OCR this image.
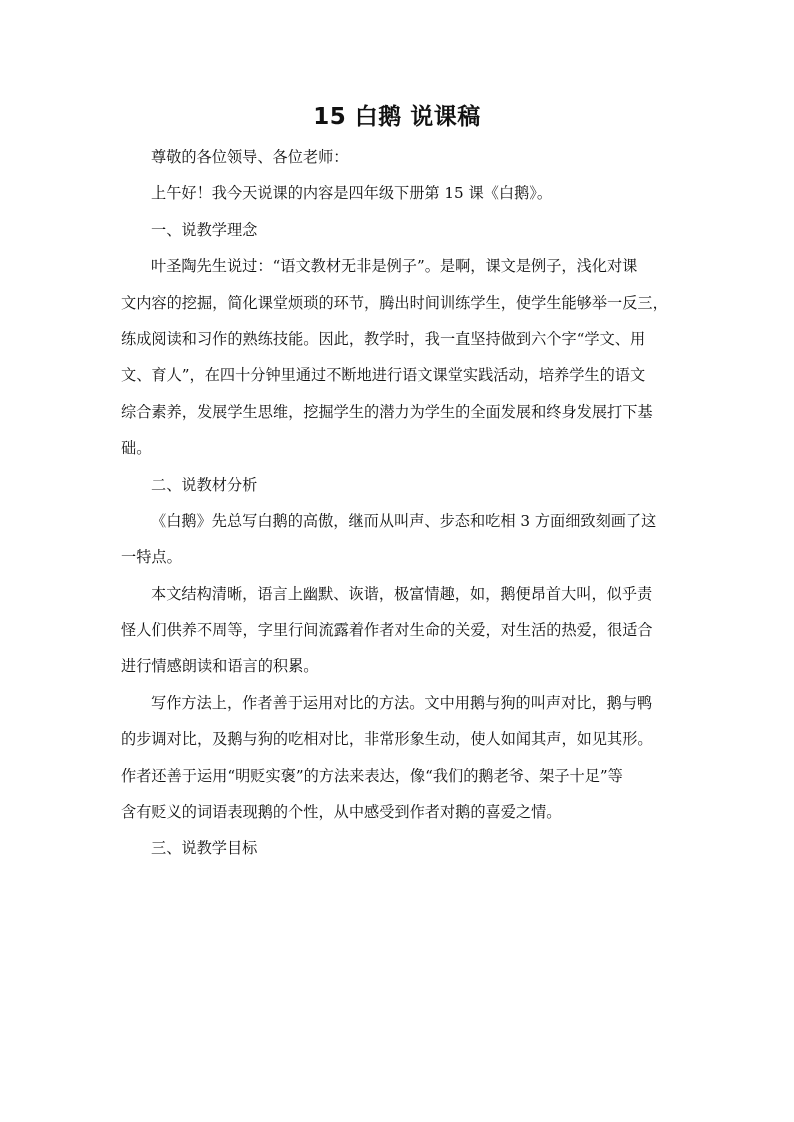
15 白鹅 说课稿
尊敬的各位领导、各位老师：
上午好！我今天说课的内容是四年级下册第 15 课《白鹅》。
一、说教学理念
叶圣陶先生说过：“语文教材无非是例子”。是啊，课文是例子，浅化对课
文内容的挖掘，简化课堂烦琐的环节，腾出时间训练学生，使学生能够举一反三，
练成阅读和习作的熟练技能。因此，教学时，我一直坚持做到六个字“学文、用
文、育人”，在四十分钟里通过不断地进行语文课堂实践活动，培养学生的语文
综合素养，发展学生思维，挖掘学生的潜力为学生的全面发展和终身发展打下基
础。
二、说教材分析
《白鹅》先总写白鹅的高傲，继而从叫声、步态和吃相 3 方面细致刻画了这
一特点。
本文结构清晰，语言上幽默、诙谐，极富情趣，如，鹅便昂首大叫，似乎责
怪人们供养不周等，字里行间流露着作者对生命的关爱，对生活的热爱，很适合
进行情感朗读和语言的积累。
写作方法上，作者善于运用对比的方法。文中用鹅与狗的叫声对比，鹅与鸭
的步调对比，及鹅与狗的吃相对比，非常形象生动，使人如闻其声，如见其形。
作者还善于运用“明贬实褒”的方法来表达，像“我们的鹅老爷、架子十足”等
含有贬义的词语表现鹅的个性，从中感受到作者对鹅的喜爱之情。
三、说教学目标
